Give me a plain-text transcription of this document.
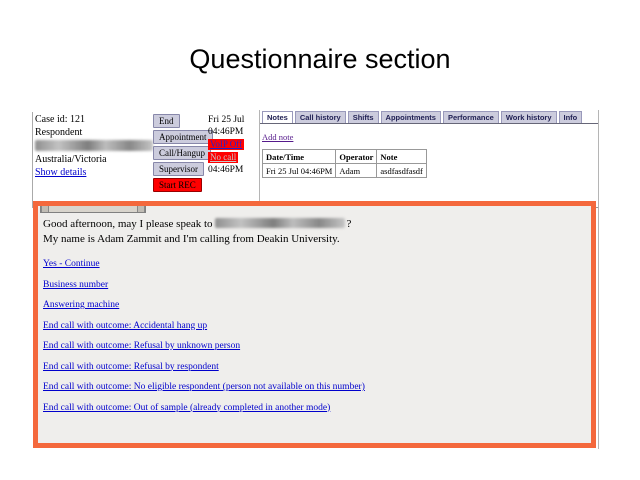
Questionnaire section
Case id: 121
Respondent
Australia/Victoria
Show details
End
Appointment
Call/Hangup
Supervisor
Start REC
Fri 25 Jul
04:46PM
VoIP Off No call
04:46PM
Notes	Call history	Shifts	Appointments	Performance	Work history	Info
Add note
Date/Time	Operator	Note
Fri 25 Jul 04:46PM	Adam	asdfasdfasdf
Good afternoon, may I please speak to	?
My name is Adam Zammit and I'm calling from Deakin University.
Yes - Continue
Business number
Answering machine
End call with outcome: Accidental hang up
End call with outcome: Refusal by unknown person
End call with outcome: Refusal by respondent
End call with outcome: No eligible respondent (person not available on this number)
End call with outcome: Out of sample (already completed in another mode)
